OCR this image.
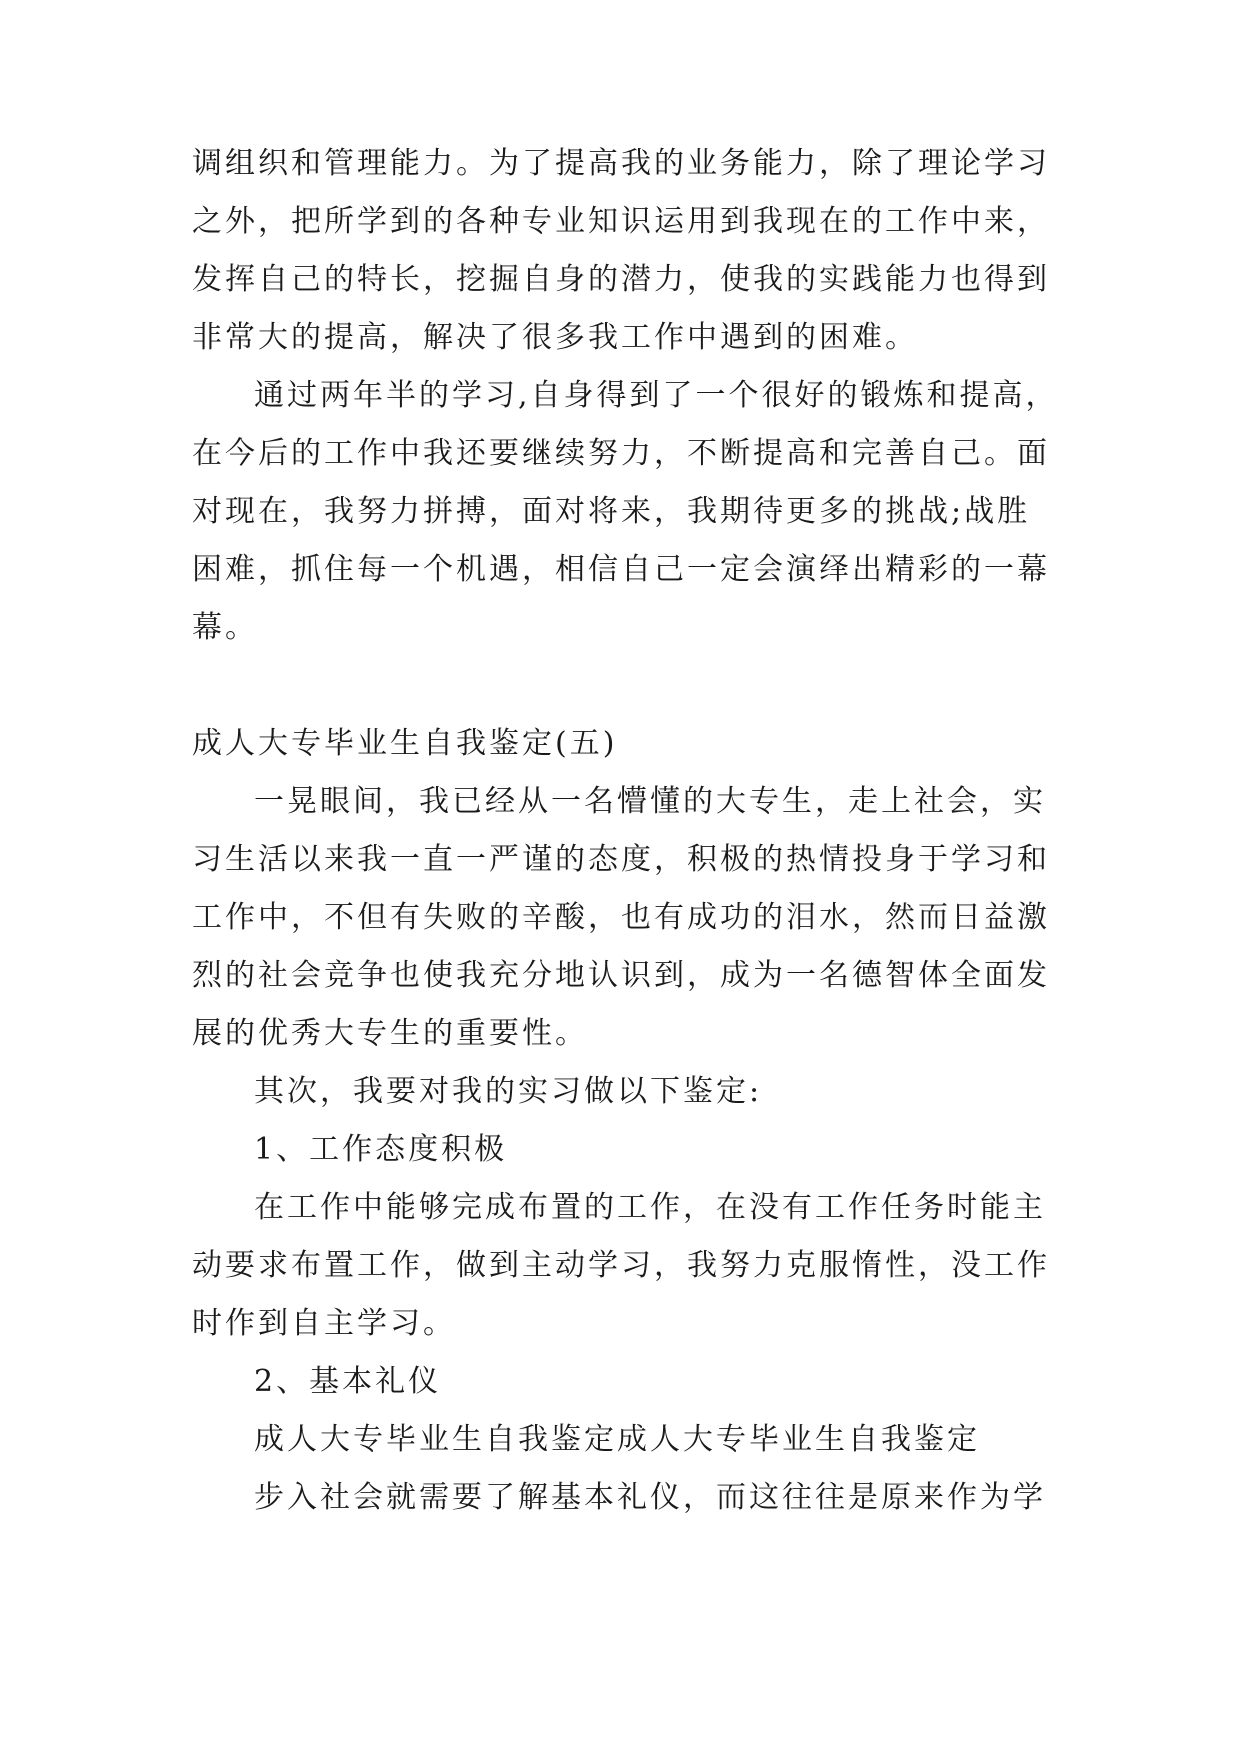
调组织和管理能力。为了提高我的业务能力，除了理论学习
之外，把所学到的各种专业知识运用到我现在的工作中来，
发挥自己的特长，挖掘自身的潜力，使我的实践能力也得到
非常大的提高，解决了很多我工作中遇到的困难。
通过两年半的学习,自身得到了一个很好的锻炼和提高，
在今后的工作中我还要继续努力，不断提高和完善自己。面
对现在，我努力拼搏，面对将来，我期待更多的挑战;战胜
困难，抓住每一个机遇，相信自己一定会演绎出精彩的一幕
幕。
成人大专毕业生自我鉴定(五)
一晃眼间，我已经从一名懵懂的大专生，走上社会，实
习生活以来我一直一严谨的态度，积极的热情投身于学习和
工作中，不但有失败的辛酸，也有成功的泪水，然而日益激
烈的社会竞争也使我充分地认识到，成为一名德智体全面发
展的优秀大专生的重要性。
其次，我要对我的实习做以下鉴定:
1、工作态度积极
在工作中能够完成布置的工作，在没有工作任务时能主
动要求布置工作，做到主动学习，我努力克服惰性，没工作
时作到自主学习。
2、基本礼仪
成人大专毕业生自我鉴定成人大专毕业生自我鉴定
步入社会就需要了解基本礼仪，而这往往是原来作为学
